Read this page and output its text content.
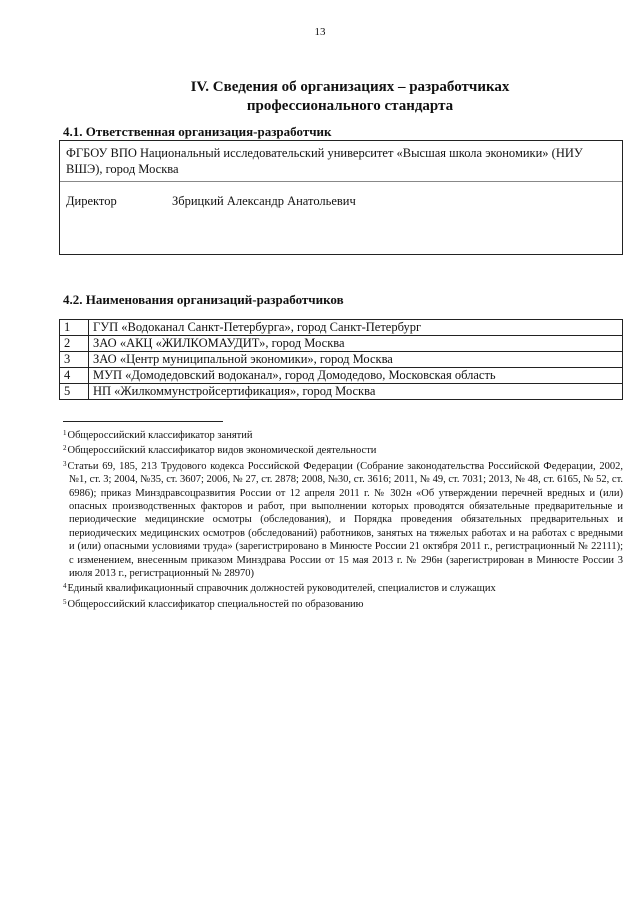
13
IV. Сведения об организациях – разработчиках
профессионального стандарта
4.1. Ответственная организация-разработчик
ФГБОУ ВПО Национальный исследовательский университет «Высшая школа экономики» (НИУ ВШЭ), город Москва
Директор	Збрицкий Александр Анатольевич
4.2. Наименования организаций-разработчиков
1	ГУП «Водоканал Санкт-Петербурга», город Санкт-Петербург
2	ЗАО «АКЦ «ЖИЛКОМАУДИТ», город Москва
3	ЗАО «Центр муниципальной экономики», город Москва
4	МУП «Домодедовский водоканал», город Домодедово, Московская область
5	НП «Жилкоммунстройсертификация», город Москва

$^1$Общероссийский классификатор занятий

$^2$Общероссийский классификатор видов экономической деятельности

$^3$Статьи 69, 185, 213 Трудового кодекса Российской Федерации (Собрание законодательства Российской Федерации, 2002, №1, ст. 3; 2004, №35, ст. 3607; 2006, № 27, ст. 2878; 2008, №30, ст. 3616; 2011, № 49, ст. 7031; 2013, № 48, ст. 6165, № 52, ст. 6986); приказ Минздравсоцразвития России от 12 апреля 2011 г. № 302н «Об утверждении перечней вредных и (или) опасных производственных факторов и работ, при выполнении которых проводятся обязательные предварительные и периодические медицинские осмотры (обследования), и Порядка проведения обязательных предварительных и периодических медицинских осмотров (обследований) работников, занятых на тяжелых работах и на работах с вредными и (или) опасными условиями труда» (зарегистрировано в Минюсте России 21 октября 2011 г., регистрационный № 22111); с изменением, внесенным приказом Минздрава России от 15 мая 2013 г. № 296н (зарегистрирован в Минюсте России 3 июля 2013 г., регистрационный № 28970)

$^4$Единый квалификационный справочник должностей руководителей, специалистов и служащих

$^5$Общероссийский классификатор специальностей по образованию
